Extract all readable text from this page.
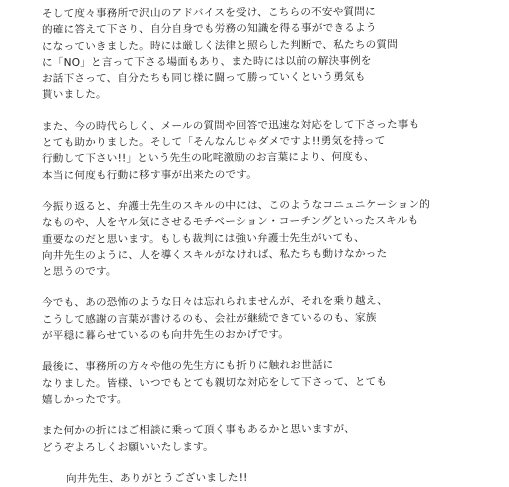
そして度々事務所で沢山のアドバイスを受け、こちらの不安や質問に
的確に答えて下さり、自分自身でも労務の知識を得る事ができるよう
になっていきました。時には厳しく法律と照らした判断で、私たちの質問
に「NO」と言って下さる場面もあり、また時には以前の解決事例を
お話下さって、自分たちも同じ様に闘って勝っていくという勇気も
貰いました。
また、今の時代らしく、メールの質問や回答で迅速な対応をして下さった事も
とても助かりました。そして「そんなんじゃダメですよ!!勇気を持って
行動して下さい!!」という先生の叱咤激励のお言葉により、何度も、
本当に何度も行動に移す事が出来たのです。
今振り返ると、弁護士先生のスキルの中には、このようなコニュニケーション的
なものや、人をヤル気にさせるモチベーション・コーチングといったスキルも
重要なのだと思います。もしも裁判には強い弁護士先生がいても、
向井先生のように、人を導くスキルがなければ、私たちも動けなかった
と思うのです。
今でも、あの恐怖のような日々は忘れられませんが、それを乗り越え、
こうして感謝の言葉が書けるのも、会社が継続できているのも、家族
が平穏に暮らせているのも向井先生のおかげです。
最後に、事務所の方々や他の先生方にも折りに触れお世話に
なりました。皆様、いつでもとても親切な対応をして下さって、とても
嬉しかったです。
また何かの折にはご相談に乗って頂く事もあるかと思いますが、
どうぞよろしくお願いいたします。
向井先生、ありがとうございました!!
